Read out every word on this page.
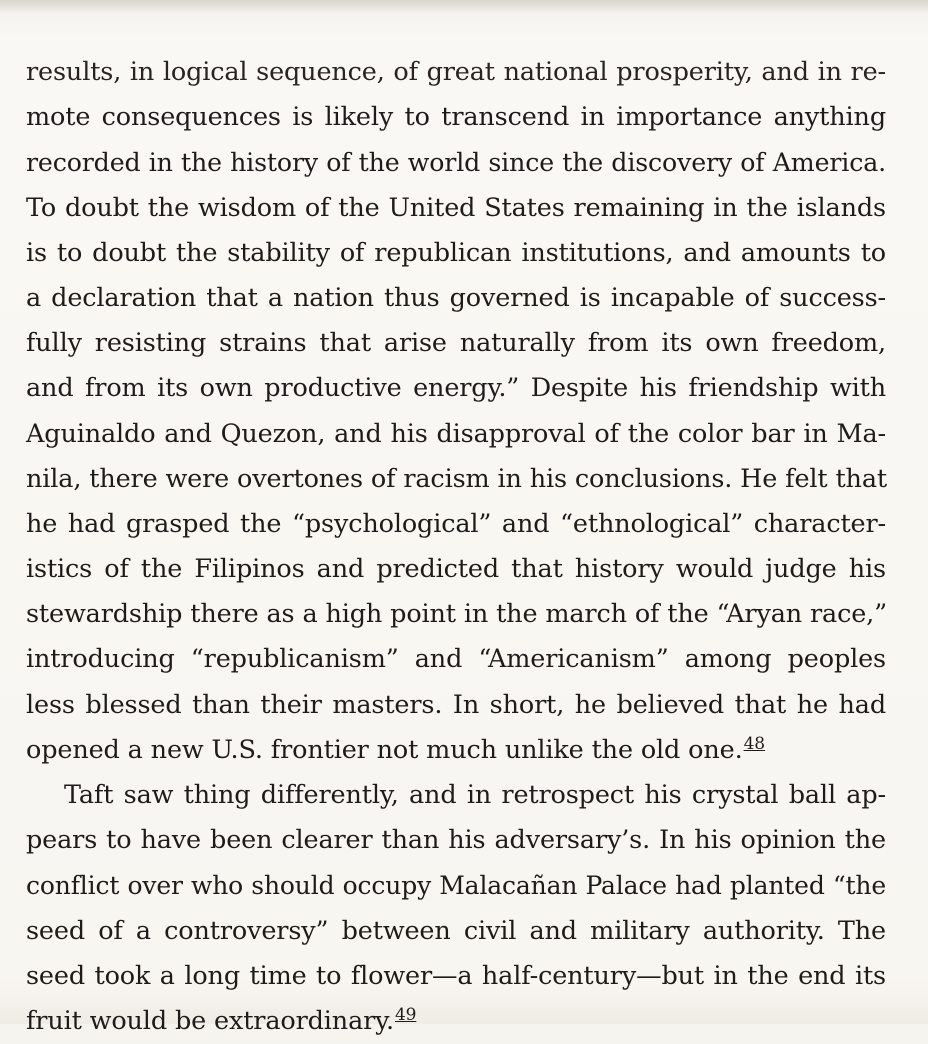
results, in logical sequence, of great national prosperity, and in re-
mote consequences is likely to transcend in importance anything
recorded in the history of the world since the discovery of America.
To doubt the wisdom of the United States remaining in the islands
is to doubt the stability of republican institutions, and amounts to
a declaration that a nation thus governed is incapable of success-
fully resisting strains that arise naturally from its own freedom,
and from its own productive energy.” Despite his friendship with
Aguinaldo and Quezon, and his disapproval of the color bar in Ma-
nila, there were overtones of racism in his conclusions. He felt that
he had grasped the “psychological” and “ethnological” character-
istics of the Filipinos and predicted that history would judge his
stewardship there as a high point in the march of the “Aryan race,”
introducing “republicanism” and “Americanism” among peoples
less blessed than their masters. In short, he believed that he had
opened a new U.S. frontier not much unlike the old one.$^{48}$
Taft saw thing differently, and in retrospect his crystal ball ap-
pears to have been clearer than his adversary’s. In his opinion the
conflict over who should occupy Malacañan Palace had planted “the
seed of a controversy” between civil and military authority. The
seed took a long time to flower—a half-century—but in the end its
fruit would be extraordinary.$^{49}$
